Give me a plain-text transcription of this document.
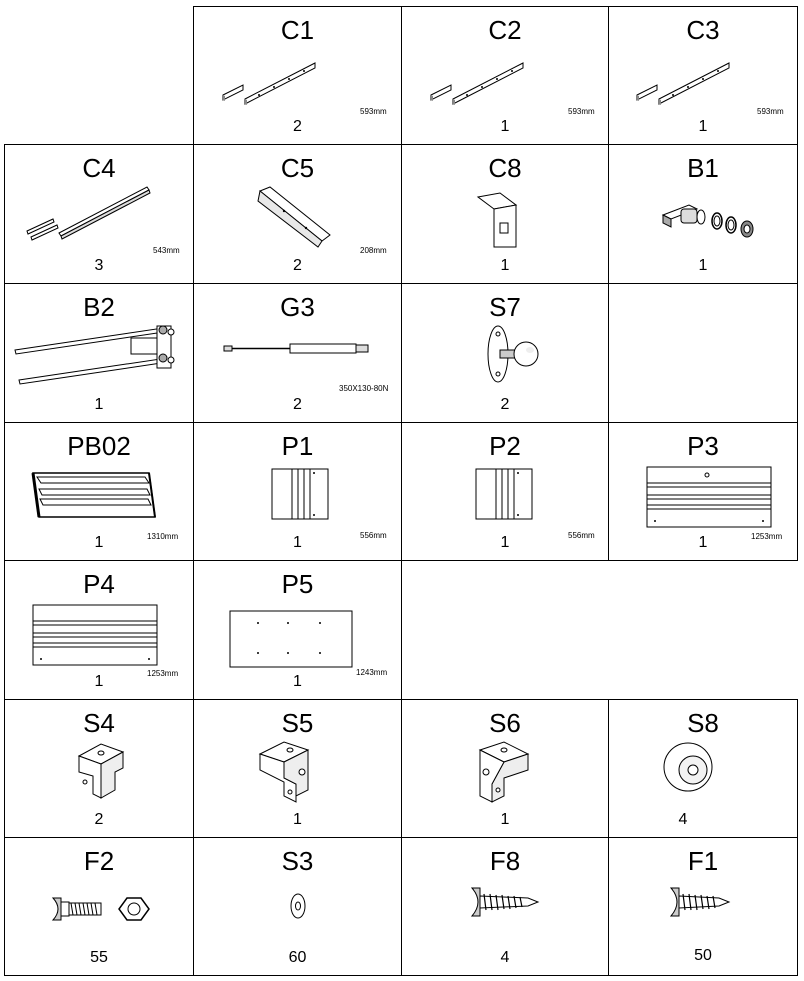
C1
593mm
2
C2
593mm
1
C3
593mm
1
C4
543mm
3
C5
208mm
2
C8
1
B1
1
B2
1
G3
350X130-80N
2
S7
2
PB02
1310mm
1
P1
556mm
1
P2
556mm
1
P3
1253mm
1
P4
1253mm
1
P5
1243mm
1
S4
2
S5
1
S6
1
S8
4
F2
55
S3
60
F8
4
F1
50
